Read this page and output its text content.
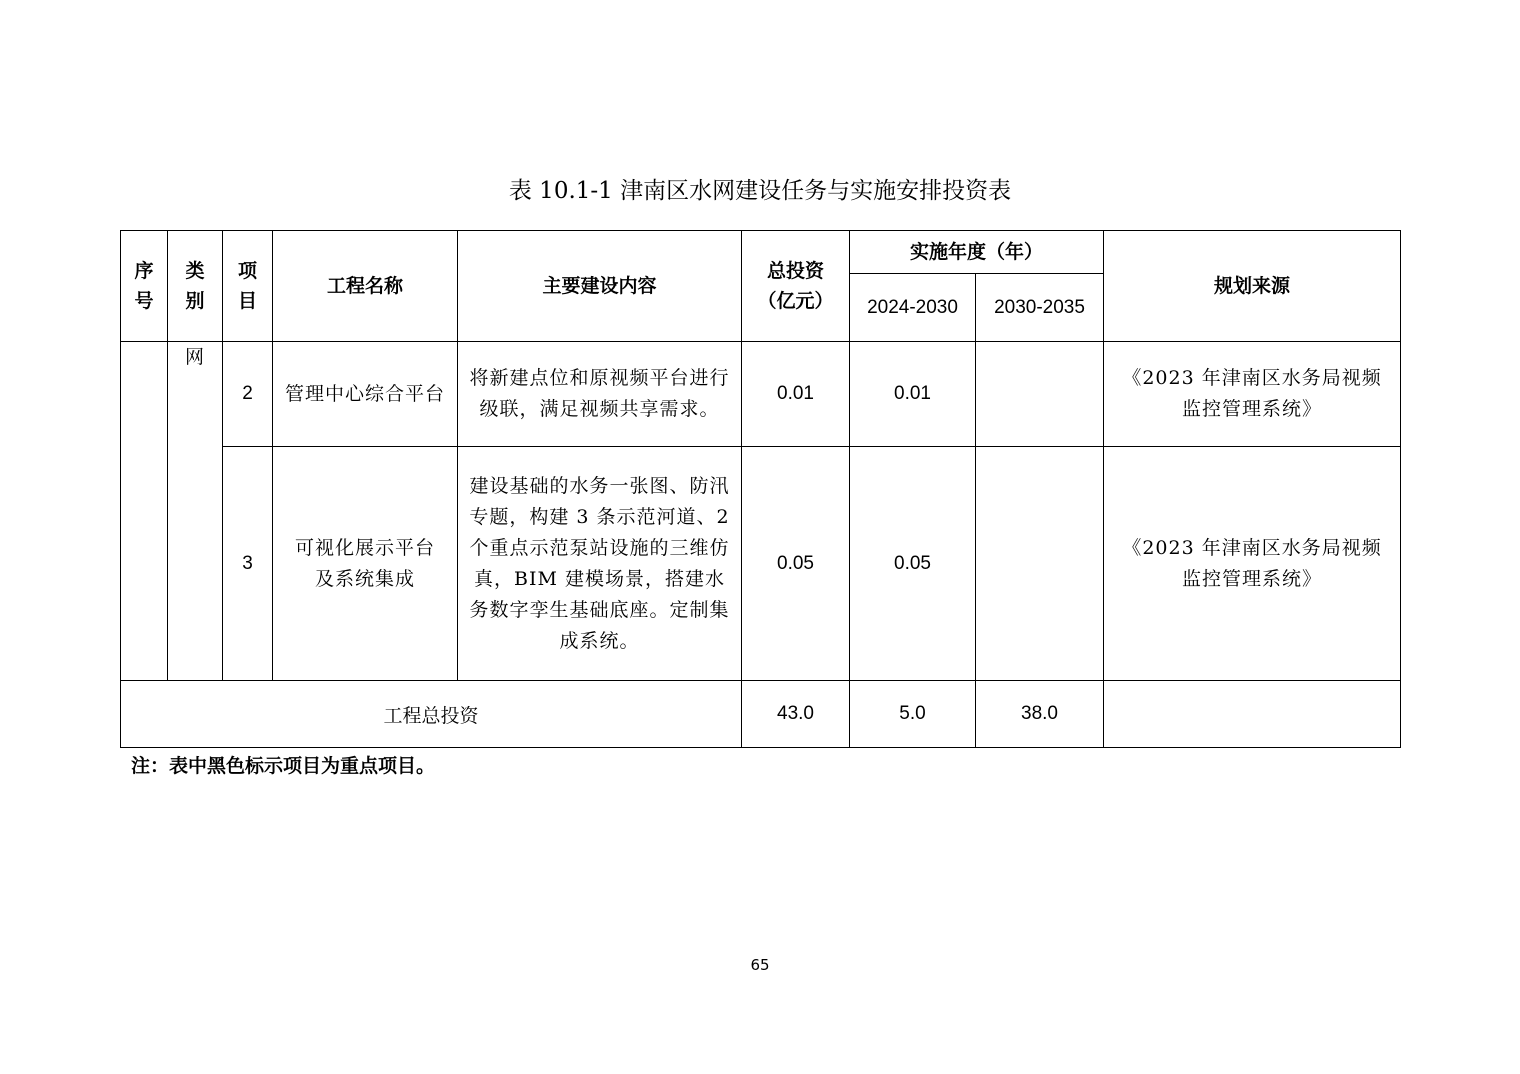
表 10.1-1 津南区水网建设任务与实施安排投资表
序号	类别	项目	工程名称	主要建设内容	总投资（亿元）	实施年度（年）		规划来源
						2024-2030	2030-2035	
	网	2	管理中心综合平台	将新建点位和原视频平台进行级联，满足视频共享需求。	0.01	0.01		《2023 年津南区水务局视频监控管理系统》
		3	可视化展示平台及系统集成	建设基础的水务一张图、防汛专题，构建 3 条示范河道、2 个重点示范泵站设施的三维仿真，BIM 建模场景，搭建水务数字孪生基础底座。定制集成系统。	0.05	0.05		《2023 年津南区水务局视频监控管理系统》
工程总投资					43.0	5.0	38.0	
注：表中黑色标示项目为重点项目。
65
